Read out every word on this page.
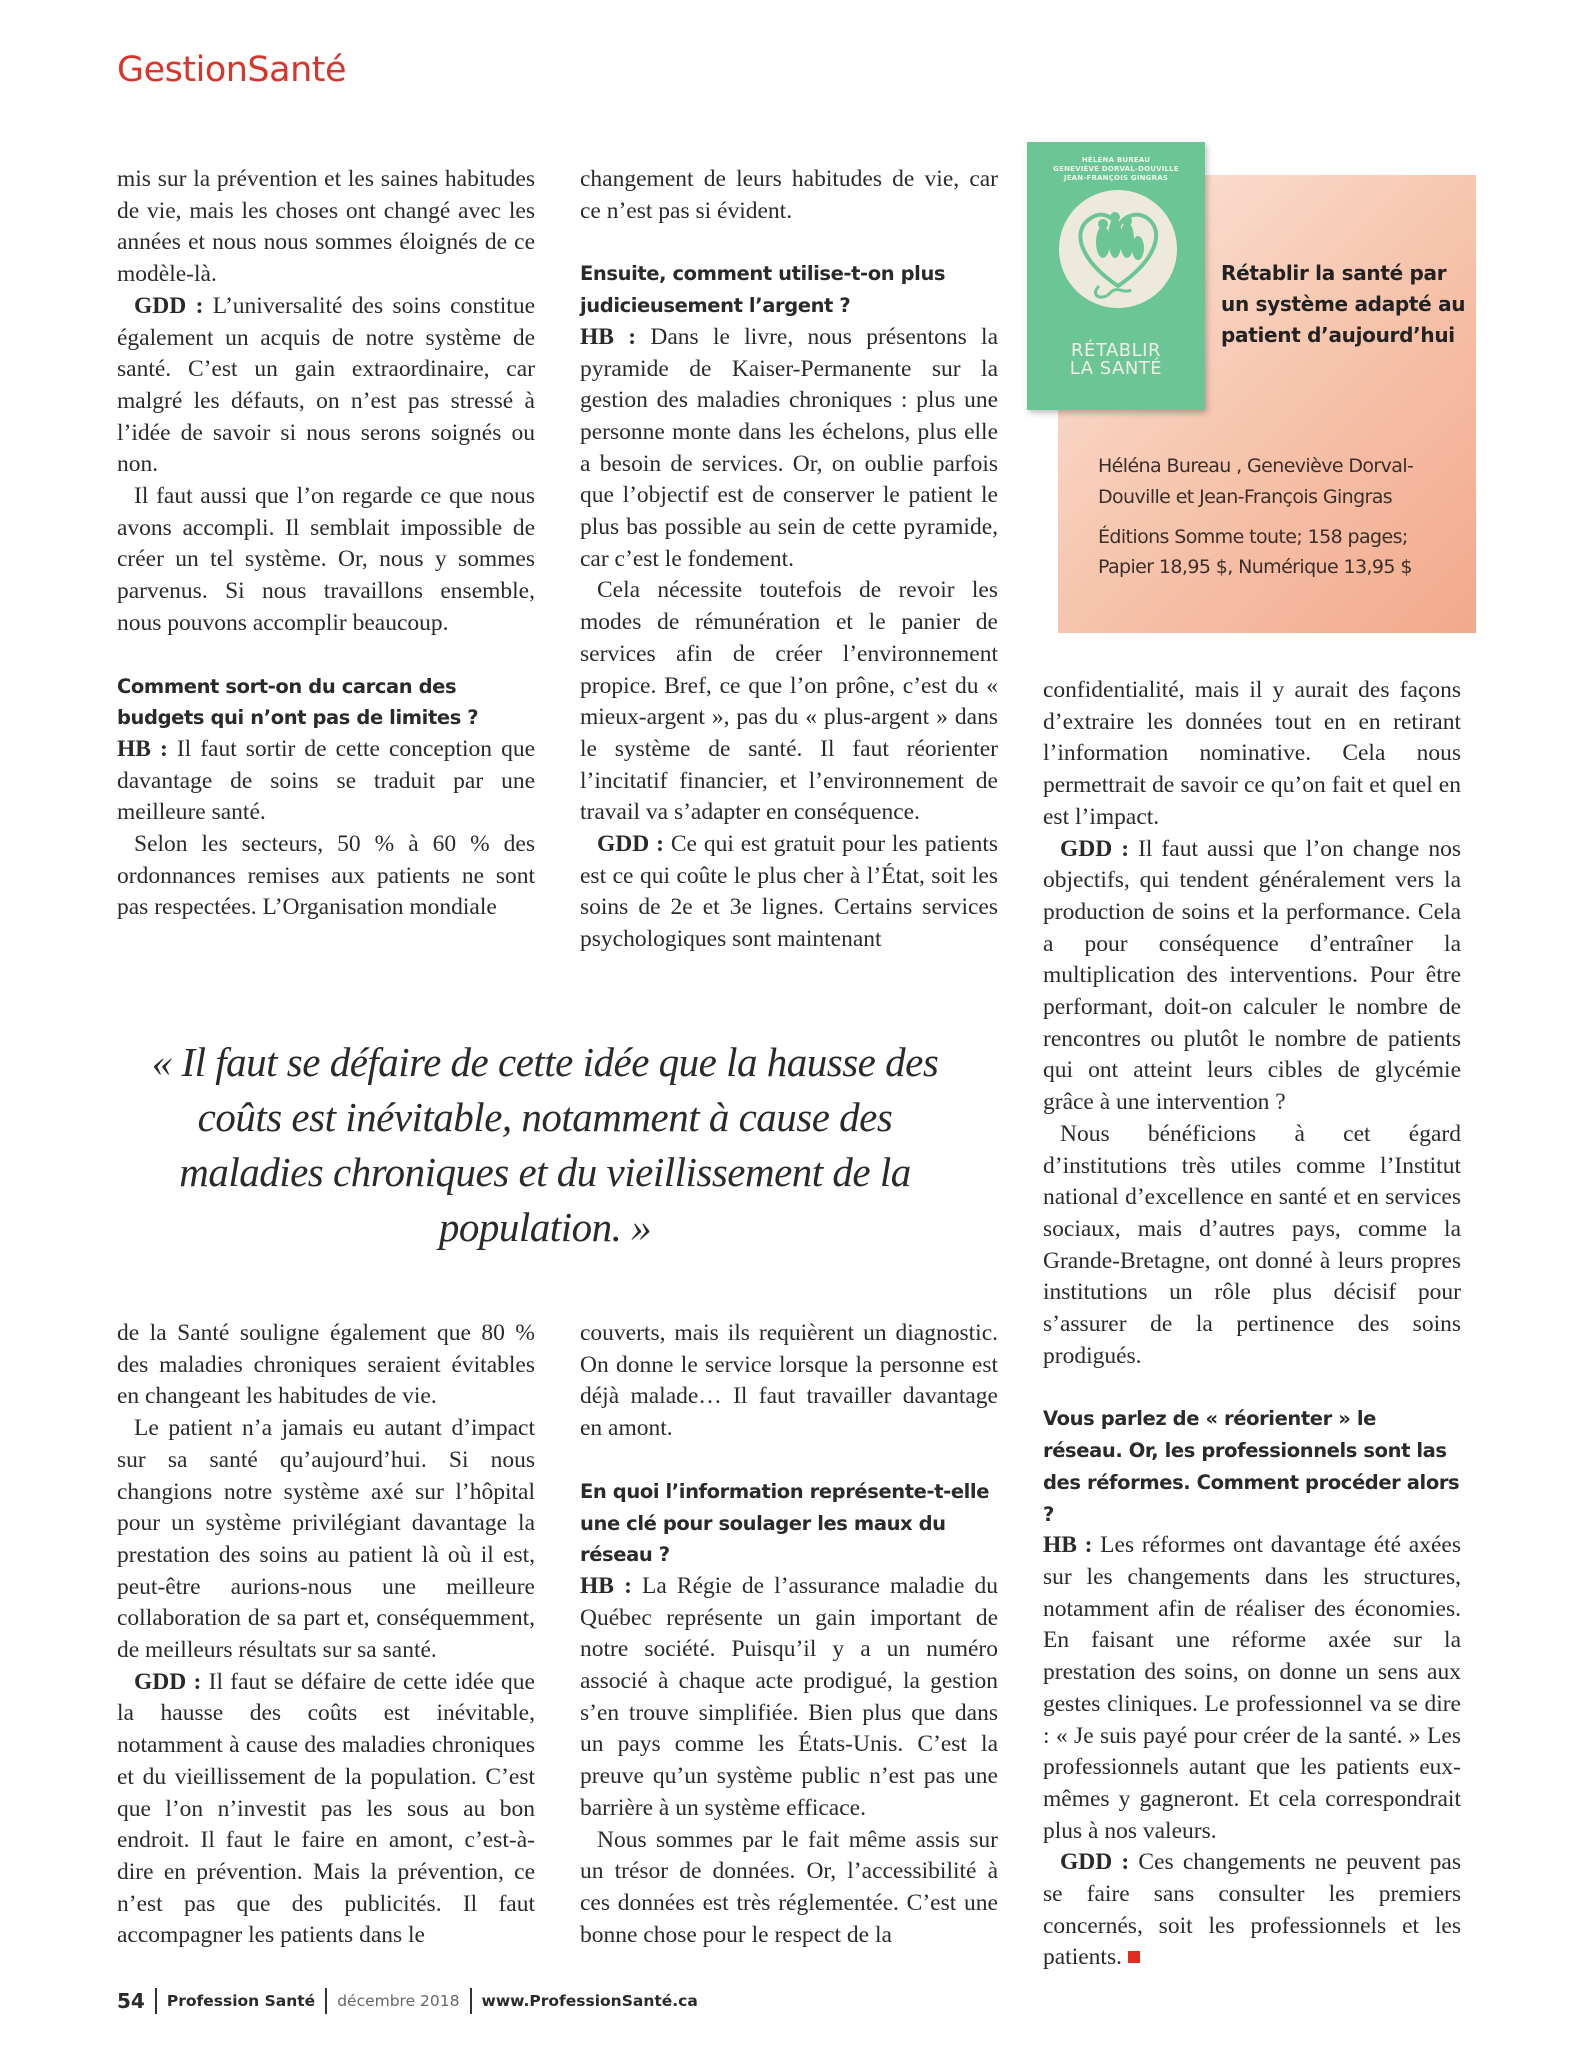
GestionSanté
HÉLÉNA BUREAU
GENEVIÈVE DORVAL-DOUVILLE
JEAN-FRANÇOIS GINGRAS
RÉTABLIR
LA SANTÉ
Rétablir la santé par un système adapté au patient d’aujourd’hui
Héléna Bureau , Geneviève Dorval-Douville et Jean-François Gingras
Éditions Somme toute; 158 pages; Papier 18,95 $, Numérique 13,95 $

mis sur la prévention et les saines habitudes de vie, mais les choses ont changé avec les années et nous nous sommes éloignés de ce modèle-là.

GDD : L’universalité des soins constitue également un acquis de notre système de santé. C’est un gain extraordinaire, car malgré les défauts, on n’est pas stressé à l’idée de savoir si nous serons soignés ou non.

Il faut aussi que l’on regarde ce que nous avons accompli. Il semblait impossible de créer un tel système. Or, nous y sommes parvenus. Si nous travaillons ensemble, nous pouvons accomplir beaucoup.

Comment sort-on du carcan des budgets qui n’ont pas de limites ?

HB : Il faut sortir de cette conception que davantage de soins se traduit par une meilleure santé.

Selon les secteurs, 50 % à 60 % des ordonnances remises aux patients ne sont pas respectées. L’Organisation mondiale

changement de leurs habitudes de vie, car ce n’est pas si évident.

Ensuite, comment utilise-t-on plus judicieusement l’argent ?

HB : Dans le livre, nous présentons la pyramide de Kaiser-Permanente sur la gestion des maladies chroniques : plus une personne monte dans les échelons, plus elle a besoin de services. Or, on oublie parfois que l’objectif est de conserver le patient le plus bas possible au sein de cette pyramide, car c’est le fondement.

Cela nécessite toutefois de revoir les modes de rémunération et le panier de services afin de créer l’environnement propice. Bref, ce que l’on prône, c’est du « mieux-argent », pas du « plus-argent » dans le système de santé. Il faut réorienter l’incitatif financier, et l’environnement de travail va s’adapter en conséquence.

GDD : Ce qui est gratuit pour les patients est ce qui coûte le plus cher à l’État, soit les soins de 2e et 3e lignes. Certains services psychologiques sont maintenant

« Il faut se défaire de cette idée que la hausse des coûts est inévitable, notamment à cause des maladies chroniques et du vieillissement de la population. »

de la Santé souligne également que 80 % des maladies chroniques seraient évitables en changeant les habitudes de vie.

Le patient n’a jamais eu autant d’impact sur sa santé qu’aujourd’hui. Si nous changions notre système axé sur l’hôpital pour un système privilégiant davantage la prestation des soins au patient là où il est, peut-être aurions-nous une meilleure collaboration de sa part et, conséquemment, de meilleurs résultats sur sa santé.

GDD : Il faut se défaire de cette idée que la hausse des coûts est inévitable, notamment à cause des maladies chroniques et du vieillissement de la population. C’est que l’on n’investit pas les sous au bon endroit. Il faut le faire en amont, c’est-à-dire en prévention. Mais la prévention, ce n’est pas que des publicités. Il faut accompagner les patients dans le

couverts, mais ils requièrent un diagnostic. On donne le service lorsque la personne est déjà malade… Il faut travailler davantage en amont.

En quoi l’information représente-t-elle une clé pour soulager les maux du réseau ?

HB : La Régie de l’assurance maladie du Québec représente un gain important de notre société. Puisqu’il y a un numéro associé à chaque acte prodigué, la gestion s’en trouve simplifiée. Bien plus que dans un pays comme les États-Unis. C’est la preuve qu’un système public n’est pas une barrière à un système efficace.

Nous sommes par le fait même assis sur un trésor de données. Or, l’accessibilité à ces données est très réglementée. C’est une bonne chose pour le respect de la

confidentialité, mais il y aurait des façons d’extraire les données tout en en retirant l’information nominative. Cela nous permettrait de savoir ce qu’on fait et quel en est l’impact.

GDD : Il faut aussi que l’on change nos objectifs, qui tendent généralement vers la production de soins et la performance. Cela a pour conséquence d’entraîner la multiplication des interventions. Pour être performant, doit-on calculer le nombre de rencontres ou plutôt le nombre de patients qui ont atteint leurs cibles de glycémie grâce à une intervention ?

Nous bénéficions à cet égard d’institutions très utiles comme l’Institut national d’excellence en santé et en services sociaux, mais d’autres pays, comme la Grande-Bretagne, ont donné à leurs propres institutions un rôle plus décisif pour s’assurer de la pertinence des soins prodigués.

Vous parlez de « réorienter » le réseau. Or, les professionnels sont las des réformes. Comment procéder alors ?

HB : Les réformes ont davantage été axées sur les changements dans les structures, notamment afin de réaliser des économies. En faisant une réforme axée sur la prestation des soins, on donne un sens aux gestes cliniques. Le professionnel va se dire : « Je suis payé pour créer de la santé. » Les professionnels autant que les patients eux-mêmes y gagneront. Et cela correspondrait plus à nos valeurs.

GDD : Ces changements ne peuvent pas se faire sans consulter les premiers concernés, soit les professionnels et les patients.

54 Profession Santé décembre 2018 www.ProfessionSanté.ca
